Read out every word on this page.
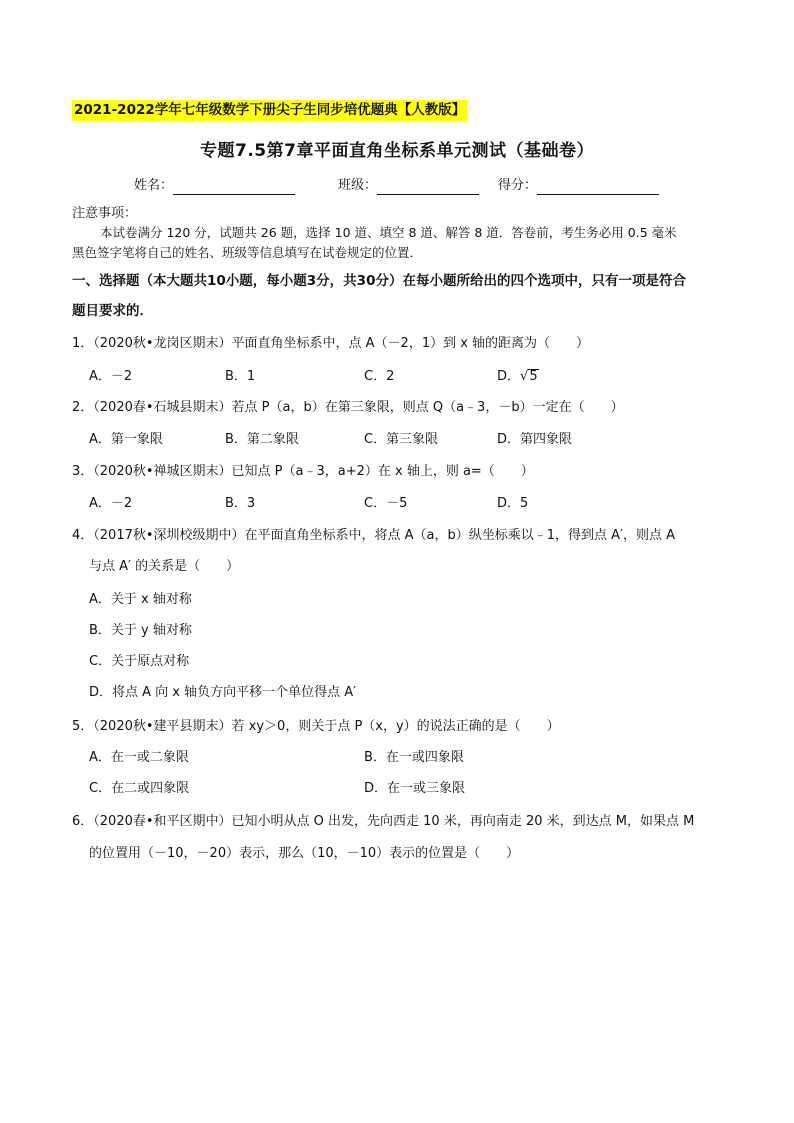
2021-2022学年七年级数学下册尖子生同步培优题典【人教版】
专题7.5第7章平面直角坐标系单元测试（基础卷）
姓名：	班级：	得分：
注意事项：
本试卷满分 120 分，试题共 26 题，选择 10 道、填空 8 道、解答 8 道．答卷前，考生务必用 0.5 毫米
黑色签字笔将自己的姓名、班级等信息填写在试卷规定的位置．
一、选择题（本大题共10小题，每小题3分，共30分）在每小题所给出的四个选项中，只有一项是符合
题目要求的．
1．（2020秋•龙岗区期末）平面直角坐标系中，点 A（－2，1）到 x 轴的距离为（　　）
A．－2	B．1	C．2	D．√5
2．（2020春•石城县期末）若点 P（a，b）在第三象限，则点 Q（a﹣3，－b）一定在（　　）
A．第一象限	B．第二象限	C．第三象限	D．第四象限
3．（2020秋•禅城区期末）已知点 P（a﹣3，a+2）在 x 轴上，则 a=（　　）
A．－2	B．3	C．－5	D．5
4．（2017秋•深圳校级期中）在平面直角坐标系中，将点 A（a，b）纵坐标乘以﹣1，得到点 A′，则点 A
与点 A′ 的关系是（　　）
A．关于 x 轴对称
B．关于 y 轴对称
C．关于原点对称
D．将点 A 向 x 轴负方向平移一个单位得点 A′
5．（2020秋•建平县期末）若 xy＞0，则关于点 P（x，y）的说法正确的是（　　）
A．在一或二象限	B．在一或四象限
C．在二或四象限	D．在一或三象限
6．（2020春•和平区期中）已知小明从点 O 出发，先向西走 10 米，再向南走 20 米，到达点 M，如果点 M
的位置用（－10，－20）表示，那么（10，－10）表示的位置是（　　）
